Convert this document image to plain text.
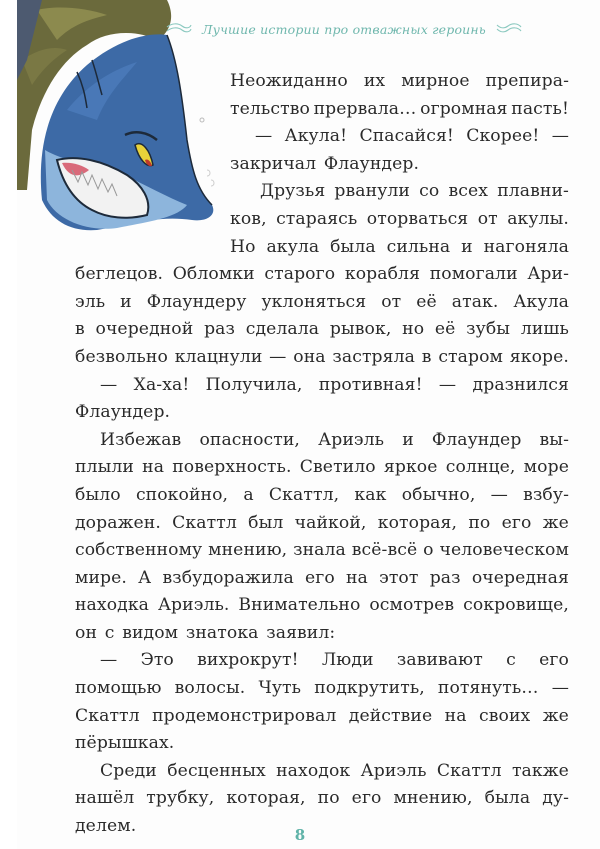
Лучшие истории про отважных героинь
Неожиданно их мирное препира-
тельство прервала… огромная пасть!
— Акула! Спасайся! Скорее! —
закричал Флаундер.
Друзья рванули со всех плавни-
ков, стараясь оторваться от акулы.
Но акула была сильна и нагоняла
беглецов. Обломки старого корабля помогали Ари-
эль и Флаундеру уклоняться от её атак. Акула
в очередной раз сделала рывок, но её зубы лишь
безвольно клацнули — она застряла в старом якоре.
— Ха-ха! Получила, противная! — дразнился
Флаундер.
Избежав опасности, Ариэль и Флаундер вы-
плыли на поверхность. Светило яркое солнце, море
было спокойно, а Скаттл, как обычно, — взбу-
доражен. Скаттл был чайкой, которая, по его же
собственному мнению, знала всё-всё о человеческом
мире. А взбудоражила его на этот раз очередная
находка Ариэль. Внимательно осмотрев сокровище,
он с видом знатока заявил:
— Это вихрокрут! Люди завивают с его
помощью волосы. Чуть подкрутить, потянуть… —
Скаттл продемонстрировал действие на своих же
пёрышках.
Среди бесценных находок Ариэль Скаттл также
нашёл трубку, которая, по его мнению, была ду-
делем.	8
